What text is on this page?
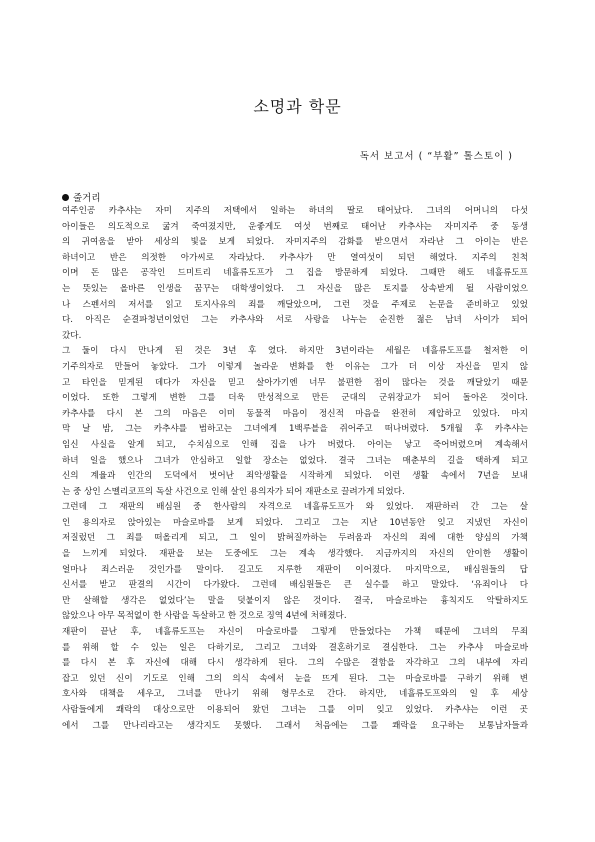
소명과 학문

독서 보고서 ( “부활” 톨스토이 )

줄거리

여주인공 카추샤는 자미 지주의 저택에서 일하는 하녀의 딸로 태어났다. 그녀의 어머니의 다섯
아이들은 의도적으로 굶겨 죽여졌지만, 운좋게도 여섯 번째로 태어난 카추샤는 자미지주 중 동생
의 귀여움을 받아 세상의 빛을 보게 되었다. 자미지주의 감화를 받으면서 자라난 그 아이는 반은
하녀이고 반은 의젓한 아가씨로 자라났다. 카추샤가 만 열여섯이 되던 해였다. 지주의 친척
이며 돈 많은 공작인 드미트리 네흘류도프가 그 집을 방문하게 되었다. 그때만 해도 네흘류도프
는 뜻있는 올바른 인생을 꿈꾸는 대학생이었다. 그 자신을 많은 토지를 상속받게 될 사람이었으
나 스펜서의 저서를 읽고 토지사유의 죄를 깨달았으며, 그런 것을 주제로 논문을 준비하고 있었
다. 아직은 순결파청년이었던 그는 카추샤와 서로 사랑을 나누는 순진한 젊은 남녀 사이가 되어
갔다.
그 둘이 다시 만나게 된 것은 3년 후 였다. 하지만 3년이라는 세월은 네흘류도프를 철저한 이
기주의자로 만들어 놓았다. 그가 이렇게 놀라운 변화를 한 이유는 그가 더 이상 자신을 믿지 않
고 타인을 믿게된 데다가 자신을 믿고 살아가기엔 너무 불편한 점이 많다는 것을 깨달았기 때문
이었다. 또한 그렇게 변한 그를 더욱 만성적으로 만든 군대의 군위장교가 되어 돌아온 것이다.
카추샤를 다시 본 그의 마음은 이미 동물적 마음이 정신적 마음을 완전히 제압하고 있었다. 마지
막 날 밤, 그는 카추샤를 범하고는 그녀에게 1백루블을 쥐어주고 떠나버렸다. 5개월 후 카추샤는
임신 사실을 알게 되고, 수치심으로 인해 집을 나가 버렸다. 아이는 낳고 죽어버렸으며 계속해서
하녀 일을 했으나 그녀가 안심하고 일할 장소는 없었다. 결국 그녀는 매춘부의 길을 택하게 되고
신의 계율과 인간의 도덕에서 벗어난 죄악생활을 시작하게 되었다. 이런 생활 속에서 7년을 보내
는 중 상인 스멜리코프의 독살 사건으로 인해 살인 용의자가 되어 재판소로 끌려가게 되었다.
그런데 그 재판의 배심원 중 한사람의 자격으로 네흘류도프가 와 있었다. 재판하러 간 그는 살
인 용의자로 앉아있는 마슬로바를 보게 되었다. 그리고 그는 지난 10년동안 잊고 지냈던 자신이
저질렀던 그 죄를 떠올리게 되고, 그 일이 밝혀질까하는 두려움과 자신의 죄에 대한 양심의 가책
을 느끼게 되었다. 재판을 보는 도중에도 그는 계속 생각했다. 지금까지의 자신의 안이한 생활이
얼마나 죄스러운 것인가를 말이다. 길고도 지루한 재판이 이어졌다. 마지막으로, 배심원들의 답
신서를 받고 판결의 시간이 다가왔다. 그런데 배심원들은 큰 실수를 하고 말았다. ‘유죄이나 다
만 살해할 생각은 없었다’는 말을 덧붙이지 않은 것이다. 결국, 마슬로바는 흉칙지도 악탈하지도
않았으나 아무 목적없이 한 사람을 독살하고 한 것으로 징역 4년에 처해졌다.
재판이 끝난 후, 네흘류도프는 자신이 마슬로바를 그렇게 만들었다는 가책 때문에 그녀의 무죄
를 위해 할 수 있는 일은 다하기로, 그리고 그녀와 결혼하기로 결심한다. 그는 카추샤 마슬로바
를 다시 본 후 자신에 대해 다시 생각하게 된다. 그의 수많은 결함을 자각하고 그의 내부에 자리
잡고 있던 신이 기도로 인해 그의 의식 속에서 눈을 뜨게 된다. 그는 마슬로바를 구하기 위해 변
호사와 대책을 세우고, 그녀를 만나기 위해 형무소로 간다. 하지만, 네흘류도프와의 일 후 세상
사람들에게 쾌락의 대상으로만 이용되어 왔던 그녀는 그를 이미 잊고 있었다. 카추샤는 이런 곳
에서 그를 만나리라고는 생각지도 못했다. 그래서 처음에는 그를 쾌락을 요구하는 보통남자들과
